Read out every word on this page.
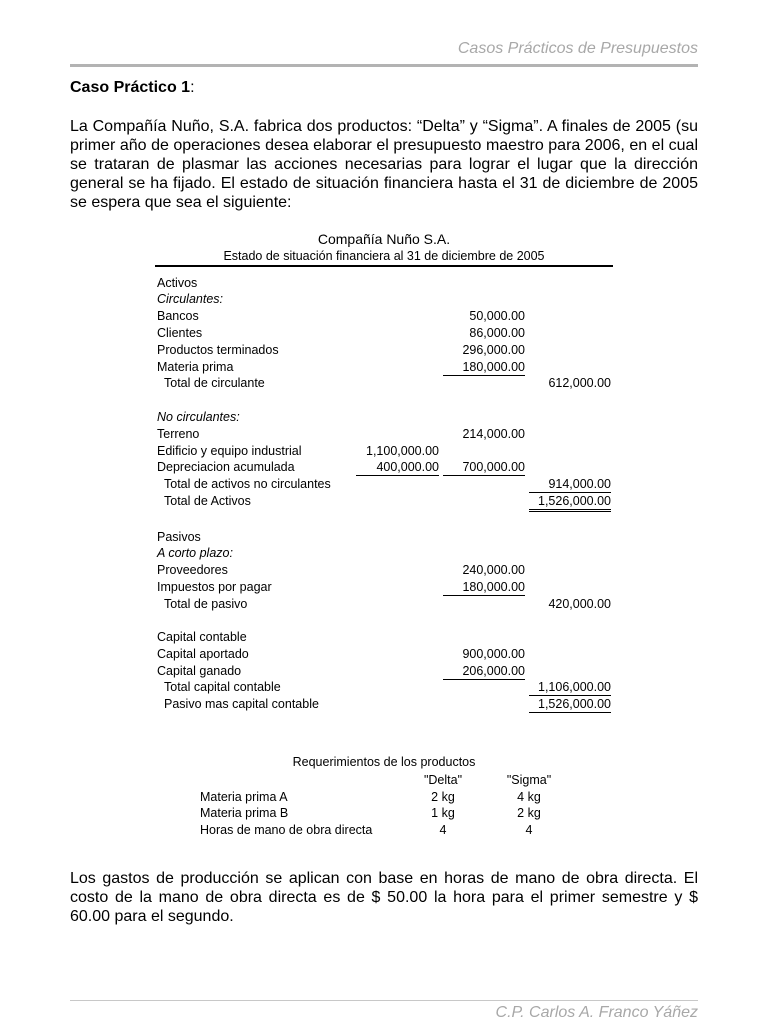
Casos Prácticos de Presupuestos
Caso Práctico 1:
La Compañía Nuño, S.A. fabrica dos productos: “Delta” y “Sigma”. A finales de 2005 (su primer año de operaciones desea elaborar el presupuesto maestro para 2006, en el cual se trataran de plasmar las acciones necesarias para lograr el lugar que la dirección general se ha fijado. El estado de situación financiera hasta el 31 de diciembre de 2005 se espera que sea el siguiente:
Compañía Nuño S.A.
Estado de situación financiera al 31 de diciembre de 2005
Activos
Circulantes:
Bancos	50,000.00
Clientes	86,000.00
Productos terminados	296,000.00
Materia prima	180,000.00
Total de circulante	612,000.00
No circulantes:
Terreno	214,000.00
Edificio y equipo industrial	1,100,000.00
Depreciacion acumulada	400,000.00	700,000.00
Total de activos no circulantes	914,000.00
Total de Activos	1,526,000.00
Pasivos
A corto plazo:
Proveedores	240,000.00
Impuestos por pagar	180,000.00
Total de pasivo	420,000.00
Capital contable
Capital aportado	900,000.00
Capital ganado	206,000.00
Total capital contable	1,106,000.00
Pasivo mas capital contable	1,526,000.00
Requerimientos de los productos
"Delta"	"Sigma"
Materia prima A	2 kg	4 kg
Materia prima B	1 kg	2 kg
Horas de mano de obra directa	4	4
Los gastos de producción se aplican con base en horas de mano de obra directa. El costo de la mano de obra directa es de $ 50.00 la hora para el primer semestre y $ 60.00 para el segundo.
C.P. Carlos A. Franco Yáñez
